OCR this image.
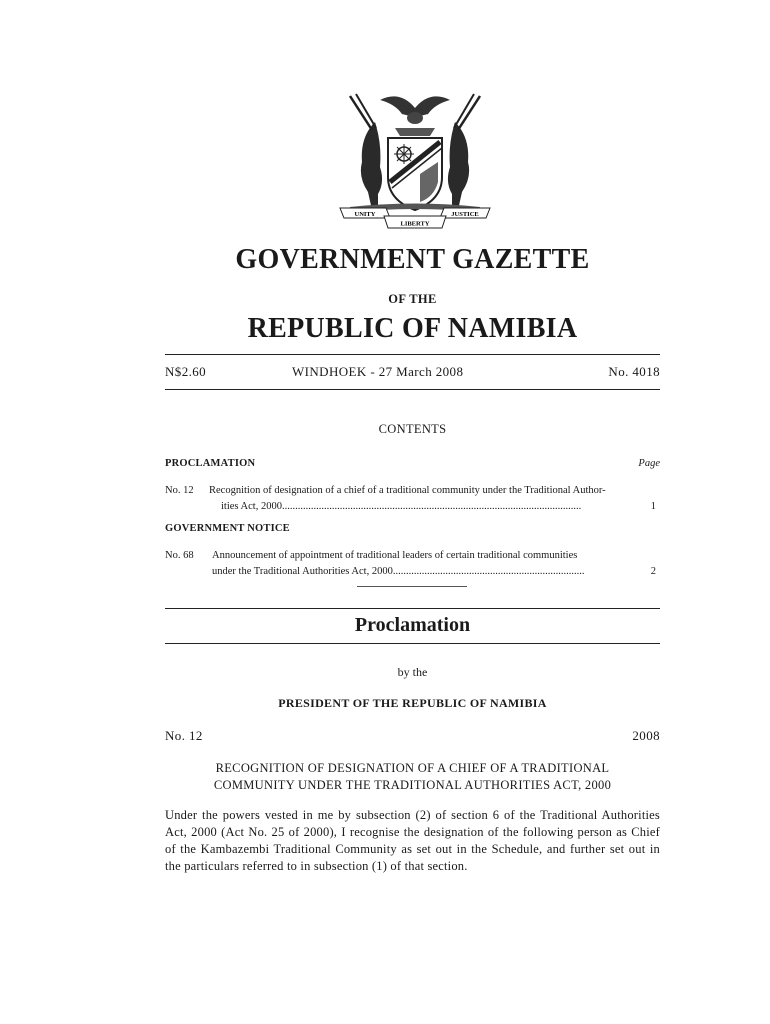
UNITY
LIBERTY
JUSTICE
GOVERNMENT GAZETTE
OF THE
REPUBLIC OF NAMIBIA
N$2.60	WINDHOEK - 27 March 2008	No. 4018
CONTENTS
PROCLAMATION	Page
No. 12 Recognition of designation of a chief of a traditional community under the Traditional Author-
ities Act, 2000..................................................................................................................	1
GOVERNMENT NOTICE
No. 68 Announcement of appointment of traditional leaders of certain traditional communities
under the Traditional Authorities Act, 2000.........................................................................	2
Proclamation
by the
PRESIDENT OF THE REPUBLIC OF NAMIBIA
No. 12	2008
RECOGNITION OF DESIGNATION OF A CHIEF OF A TRADITIONAL
COMMUNITY UNDER THE TRADITIONAL AUTHORITIES ACT, 2000
Under the powers vested in me by subsection (2) of section 6 of the Traditional Authorities Act, 2000 (Act No. 25 of 2000), I recognise the designation of the following person as Chief of the Kambazembi Traditional Community as set out in the Schedule, and further set out in the particulars referred to in subsection (1) of that section.
